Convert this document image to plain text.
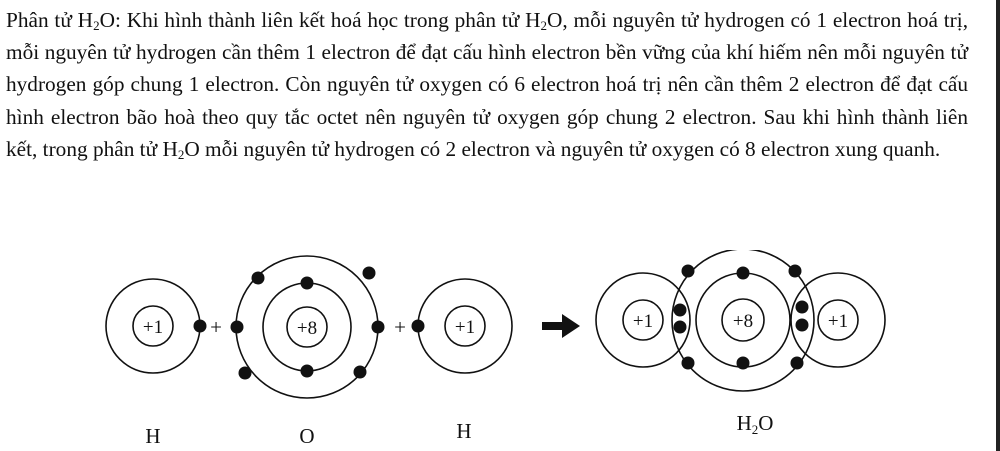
Phân tử $H_2O$: Khi hình thành liên kết hoá học trong phân tử $H_2O$, mỗi nguyên tử hydrogen có 1 electron hoá trị, mỗi nguyên tử hydrogen cần thêm 1 electron để đạt cấu hình electron bền vững của khí hiếm nên mỗi nguyên tử hydrogen góp chung 1 electron. Còn nguyên tử oxygen có 6 electron hoá trị nên cần thêm 2 electron để đạt cấu hình electron bão hoà theo quy tắc octet nên nguyên tử oxygen góp chung 2 electron. Sau khi hình thành liên kết, trong phân tử $H_2O$ mỗi nguyên tử hydrogen có 2 electron và nguyên tử oxygen có 8 electron xung quanh.
+1 +	+8	+	+1	+1	+8	+1
H	O	H	H2O
